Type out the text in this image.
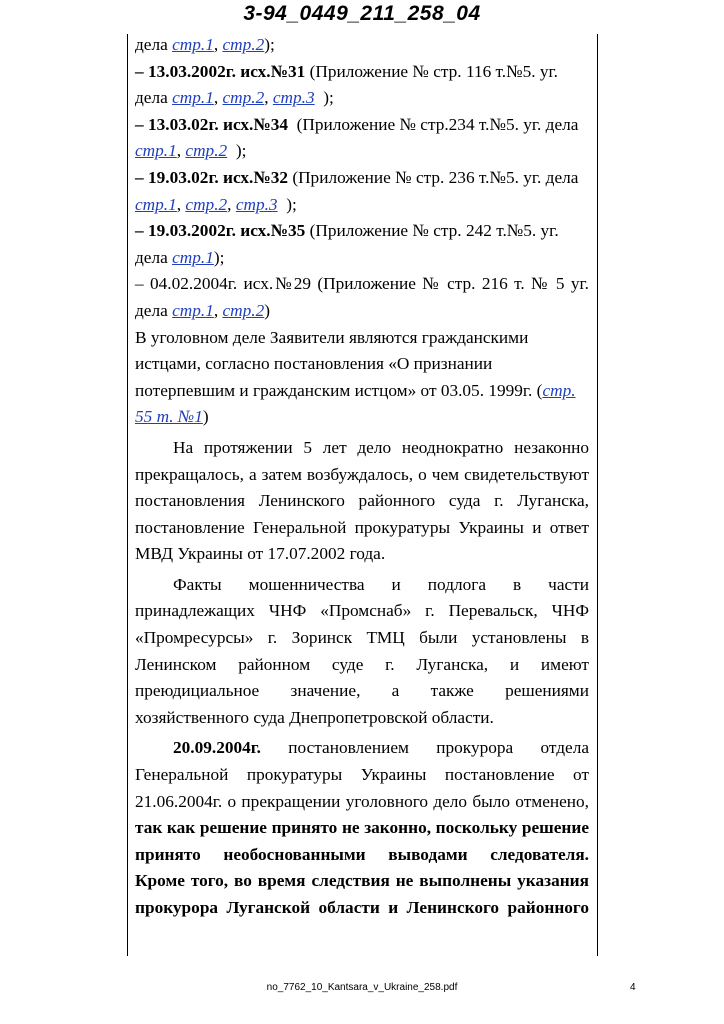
3-94_0449_211_258_04
дела стр.1, стр.2);
– 13.03.2002г. исх.№31 (Приложение № стр. 116 т.№5. уг.
дела стр.1, стр.2, стр.3  );
– 13.03.02г. исх.№34  (Приложение № стр.234 т.№5. уг. дела
стр.1, стр.2  );
– 19.03.02г. исх.№32 (Приложение № стр. 236 т.№5. уг. дела
стр.1, стр.2, стр.3  );
– 19.03.2002г. исх.№35 (Приложение № стр. 242 т.№5. уг.
дела стр.1);
– 04.02.2004г. исх.№29 (Приложение № стр. 216 т. № 5 уг.
дела стр.1, стр.2)
В уголовном деле Заявители являются гражданскими
истцами, согласно постановления «О признании
потерпевшим и гражданским истцом» от 03.05. 1999г. (стр.
55 т. №1)
На протяжении 5 лет дело неоднократно незаконно
прекращалось, а затем возбуждалось, о чем свидетельствуют
постановления Ленинского районного суда г. Луганска,
постановление Генеральной прокуратуры Украины и ответ
МВД Украины от 17.07.2002 года.
Факты мошенничества и подлога в части
принадлежащих ЧНФ «Промснаб» г. Перевальск, ЧНФ
«Промресурсы» г. Зоринск ТМЦ были установлены в
Ленинском районном суде г. Луганска, и имеют
преюдициальное значение, а также решениями
хозяйственного суда Днепропетровской области.
20.09.2004г. постановлением прокурора отдела
Генеральной прокуратуры Украины постановление от
21.06.2004г. о прекращении уголовного дело было отменено,
так как решение принято не законно, поскольку решение
принято необоснованными выводами следователя.
Кроме того, во время следствия не выполнены указания
прокурора Луганской области и Ленинского районного
no_7762_10_Kantsara_v_Ukraine_258.pdf	4
